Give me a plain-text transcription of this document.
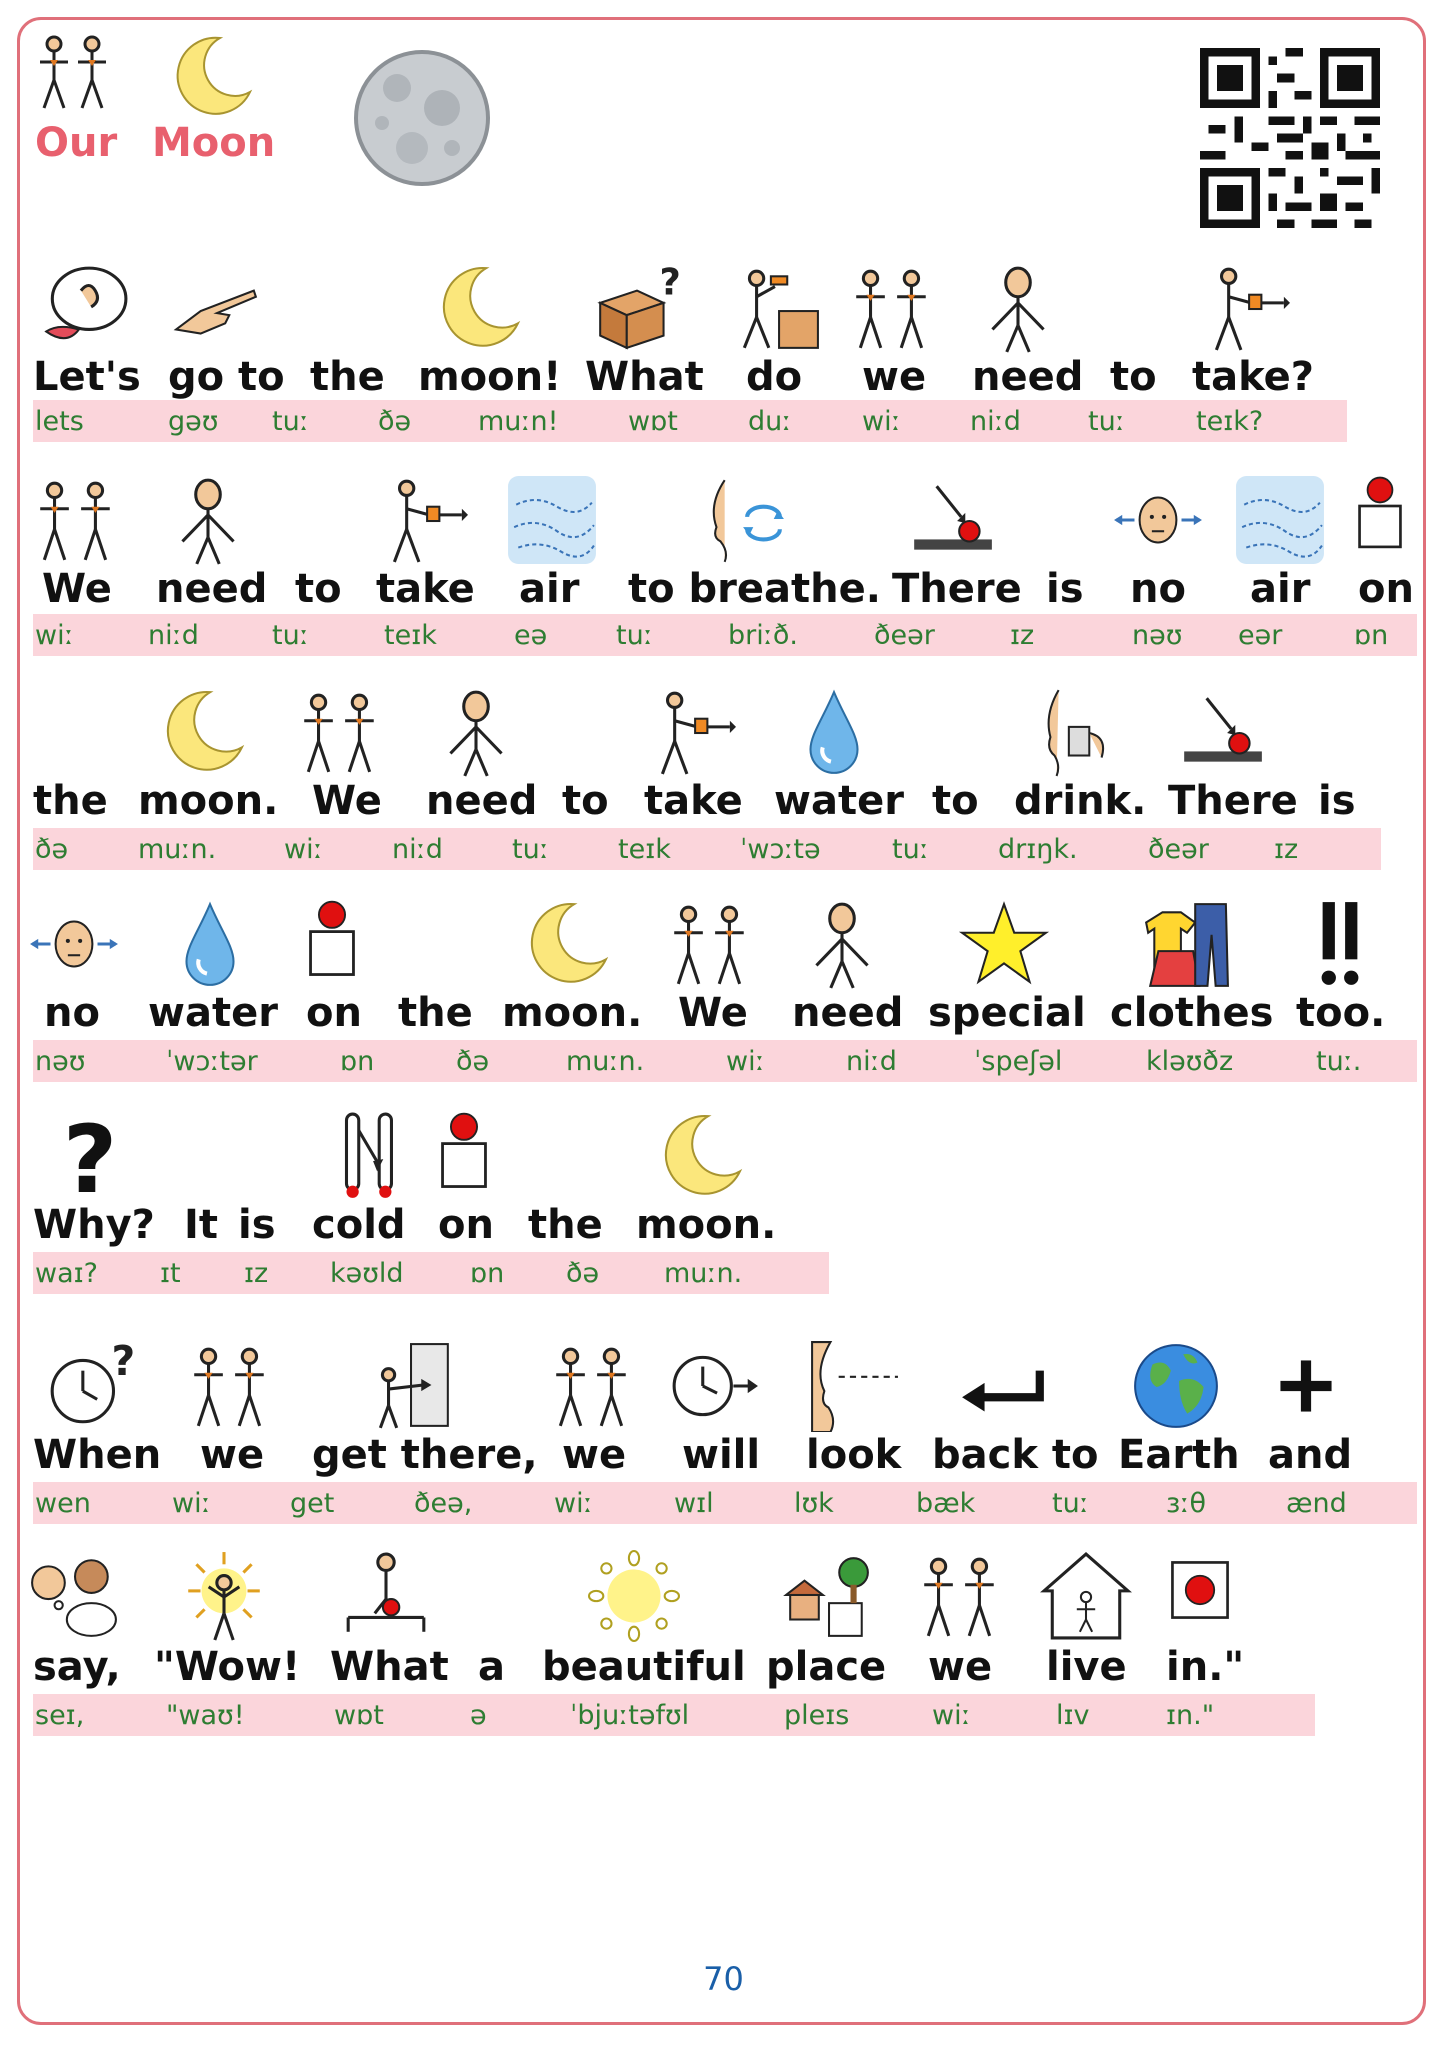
Our Moon
Let's go to the moon! What do we need to take?
lets	gəʊ tuː	ðə muːn!	wɒt	duː	wiː	niːd tuː	teɪk?
We need to take air to breathe. There is no air on
wiː	niːd	tuː	teɪk	eə	tuː	briːð.	ðeər	ɪz	nəʊ eər	ɒn
the moon. We need to take water to drink. There is
ðə	muːn.	wiː	niːd	tuː	teɪk	ˈwɔːtə	tuː	drɪŋk.	ðeər ɪz
no water on the moon. We need special clothes too.
nəʊ	ˈwɔːtər	ɒn	ðə	muːn.	wiː	niːd	ˈspeʃəl	kləʊðz	tuː.
Why? It is cold on the moon.
waɪ? ɪt ɪz kəʊld ɒn ðə muːn.
When we get there, we will look back to Earth and
wen	wiː	get	ðeə,	wiː	wɪl	lʊk	bæk	tuː	ɜːθ	ænd
say, "Wow! What a beautiful place we live in."
seɪ,	"waʊ!	wɒt	ə	ˈbjuːtəfʊl	pleɪs	wiː	lɪv	ɪn."
70
